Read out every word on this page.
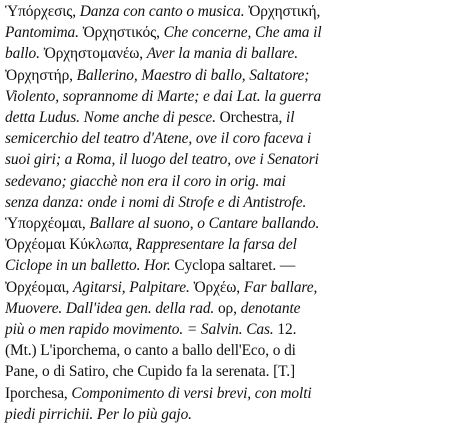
Ὑπόρχεσις, Danza con canto o musica. Ὀρχηστική,
Pantomima. Ὀρχηστικός, Che concerne, Che ama il
ballo. Ὀρχηστομανέω, Aver la mania di ballare.
Ὀρχηστήρ, Ballerino, Maestro di ballo, Saltatore;
Violento, soprannome di Marte; e dai Lat. la guerra
detta Ludus. Nome anche di pesce. Orchestra, il
semicerchio del teatro d'Atene, ove il coro faceva i
suoi giri; a Roma, il luogo del teatro, ove i Senatori
sedevano; giacchè non era il coro in orig. mai
senza danza: onde i nomi di Strofe e di Antistrofe.
Ὑπορχέομαι, Ballare al suono, o Cantare ballando.
Ὀρχέομαι Κύκλωπα, Rappresentare la farsa del
Ciclope in un balletto. Hor. Cyclopa saltaret. —
Ὀρχέομαι, Agitarsi, Palpitare. Ὀρχέω, Far ballare,
Muovere. Dall'idea gen. della rad. ορ, denotante
più o men rapido movimento. = Salvin. Cas. 12.
(Mt.) L'iporchema, o canto a ballo dell'Eco, o di
Pane, o di Satiro, che Cupido fa la serenata. [T.]
Iporchesa, Componimento di versi brevi, con molti
piedi pirrichii. Per lo più gajo.
